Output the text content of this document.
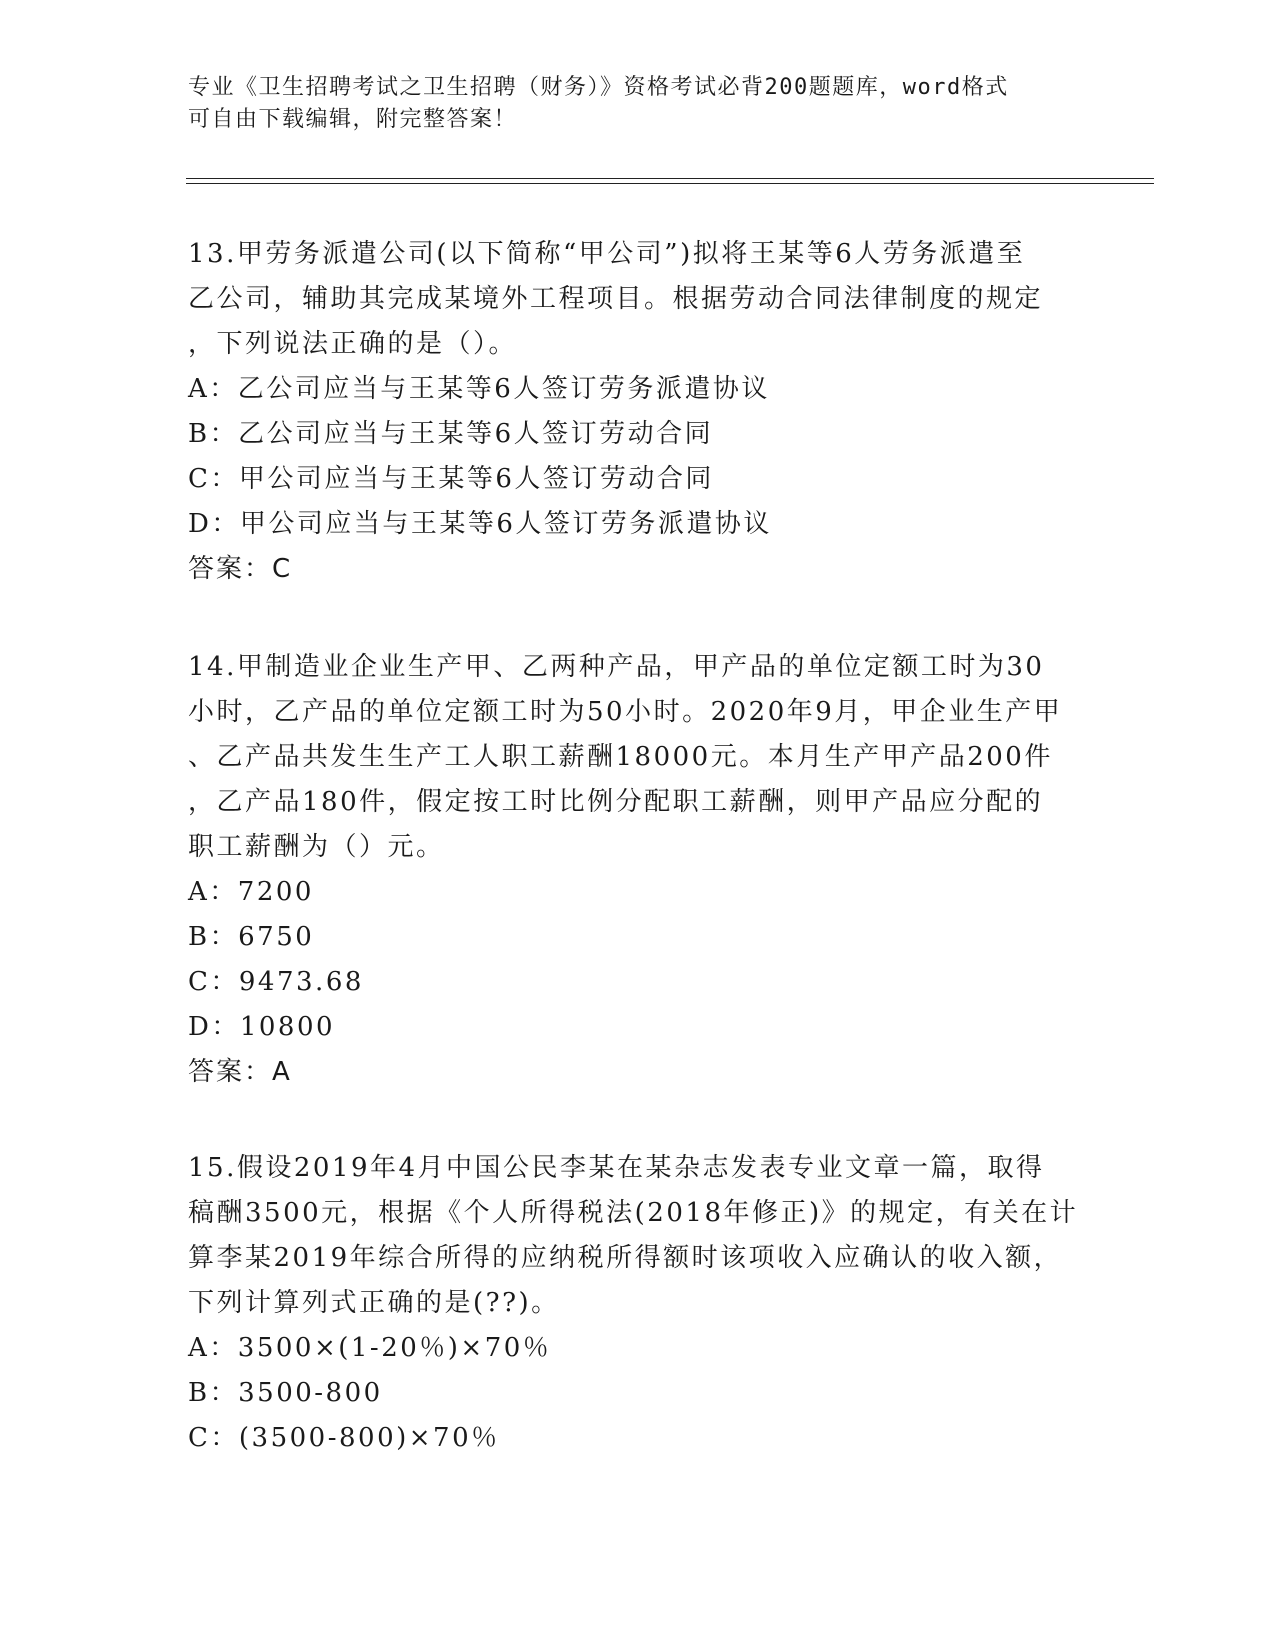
专业《卫生招聘考试之卫生招聘（财务）》资格考试必背200题题库，word格式
可自由下载编辑，附完整答案！
13.甲劳务派遣公司(以下简称“甲公司”)拟将王某等6人劳务派遣至
乙公司，辅助其完成某境外工程项目。根据劳动合同法律制度的规定
，下列说法正确的是（）。
A：乙公司应当与王某等6人签订劳务派遣协议
B：乙公司应当与王某等6人签订劳动合同
C：甲公司应当与王某等6人签订劳动合同
D：甲公司应当与王某等6人签订劳务派遣协议
答案：C
14.甲制造业企业生产甲、乙两种产品，甲产品的单位定额工时为30
小时，乙产品的单位定额工时为50小时。2020年9月，甲企业生产甲
、乙产品共发生生产工人职工薪酬18000元。本月生产甲产品200件
，乙产品180件，假定按工时比例分配职工薪酬，则甲产品应分配的
职工薪酬为（）元。
A：7200
B：6750
C：9473.68
D：10800
答案：A
15.假设2019年4月中国公民李某在某杂志发表专业文章一篇，取得
稿酬3500元，根据《个人所得税法(2018年修正)》的规定，有关在计
算李某2019年综合所得的应纳税所得额时该项收入应确认的收入额，
下列计算列式正确的是(??)。
A：3500×(1-20％)×70％
B：3500-800
C：(3500-800)×70％
